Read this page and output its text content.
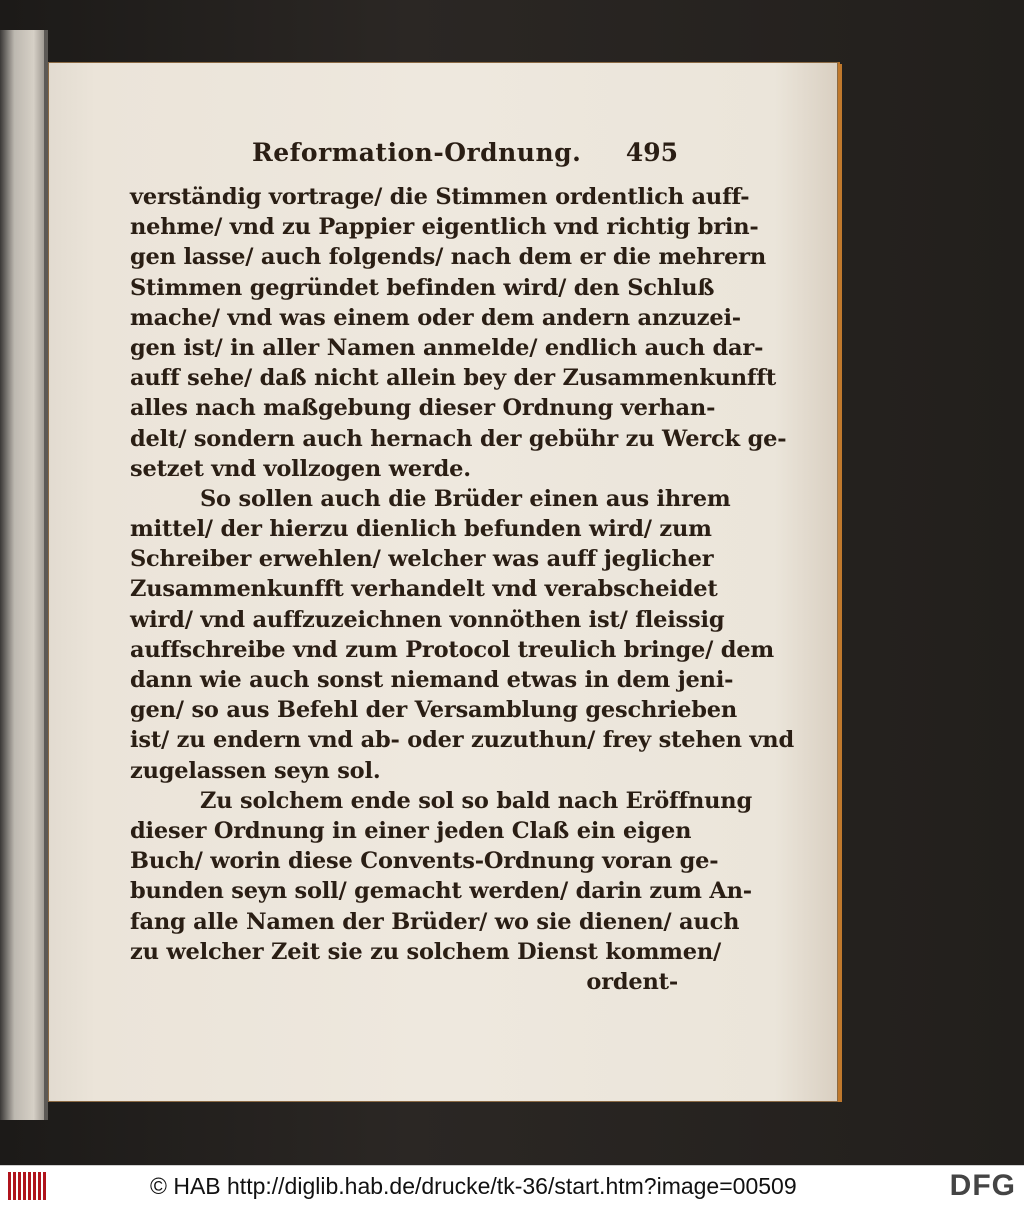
Reformation-Ordnung. 495
verständig vortrage/ die Stimmen ordentlich auff-
nehme/ vnd zu Pappier eigentlich vnd richtig brin-
gen lasse/ auch folgends/ nach dem er die mehrern
Stimmen gegründet befinden wird/ den Schluß
mache/ vnd was einem oder dem andern anzuzei-
gen ist/ in aller Namen anmelde/ endlich auch dar-
auff sehe/ daß nicht allein bey der Zusammenkunfft
alles nach maßgebung dieser Ordnung verhan-
delt/ sondern auch hernach der gebühr zu Werck ge-
setzet vnd vollzogen werde.
So sollen auch die Brüder einen aus ihrem
mittel/ der hierzu dienlich befunden wird/ zum
Schreiber erwehlen/ welcher was auff jeglicher
Zusammenkunfft verhandelt vnd verabscheidet
wird/ vnd auffzuzeichnen vonnöthen ist/ fleissig
auffschreibe vnd zum Protocol treulich bringe/ dem
dann wie auch sonst niemand etwas in dem jeni-
gen/ so aus Befehl der Versamblung geschrieben
ist/ zu endern vnd ab- oder zuzuthun/ frey stehen vnd
zugelassen seyn sol.
Zu solchem ende sol so bald nach Eröffnung
dieser Ordnung in einer jeden Claß ein eigen
Buch/ worin diese Convents-Ordnung voran ge-
bunden seyn soll/ gemacht werden/ darin zum An-
fang alle Namen der Brüder/ wo sie dienen/ auch
zu welcher Zeit sie zu solchem Dienst kommen/
ordent-
© HAB http://diglib.hab.de/drucke/tk-36/start.htm?image=00509	DFG
